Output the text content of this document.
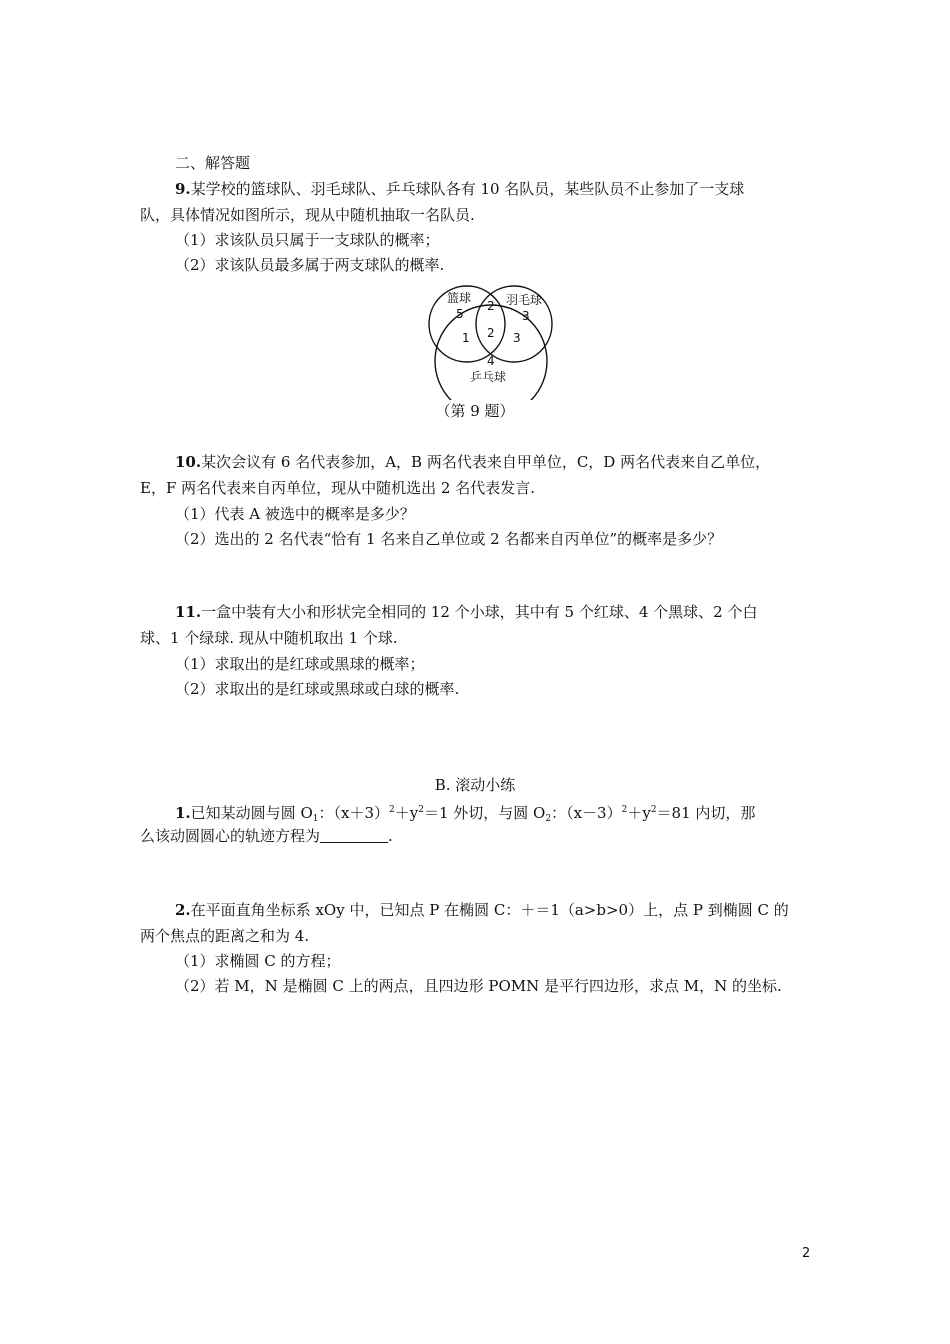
二、解答题
9.某学校的篮球队、羽毛球队、乒乓球队各有 10 名队员，某些队员不止参加了一支球
队，具体情况如图所示，现从中随机抽取一名队员.
（1）求该队员只属于一支球队的概率；
（2）求该队员最多属于两支球队的概率.
篮球	羽毛球
5
2
3
2
1	3
4
乒乓球
（第 9 题）
10.某次会议有 6 名代表参加，A，B 两名代表来自甲单位，C，D 两名代表来自乙单位，
E，F 两名代表来自丙单位，现从中随机选出 2 名代表发言.
（1）代表 A 被选中的概率是多少？
（2）选出的 2 名代表“恰有 1 名来自乙单位或 2 名都来自丙单位”的概率是多少？
11.一盒中装有大小和形状完全相同的 12 个小球，其中有 5 个红球、4 个黑球、2 个白
球、1 个绿球. 现从中随机取出 1 个球.
（1）求取出的是红球或黑球的概率；
（2）求取出的是红球或黑球或白球的概率.
B. 滚动小练
1.已知某动圆与圆 $O_1$：$(x+3)^2+y^2=1$ 外切，与圆 $O_2$：$(x-3)^2+y^2=81$ 内切，那
么该动圆圆心的轨迹方程为	.
2.在平面直角坐标系 xOy 中，已知点 P 在椭圆 C：＋＝1（a>b>0）上，点 P 到椭圆 C 的
两个焦点的距离之和为 4.
（1）求椭圆 C 的方程；
（2）若 M，N 是椭圆 C 上的两点，且四边形 POMN 是平行四边形，求点 M，N 的坐标.
2
